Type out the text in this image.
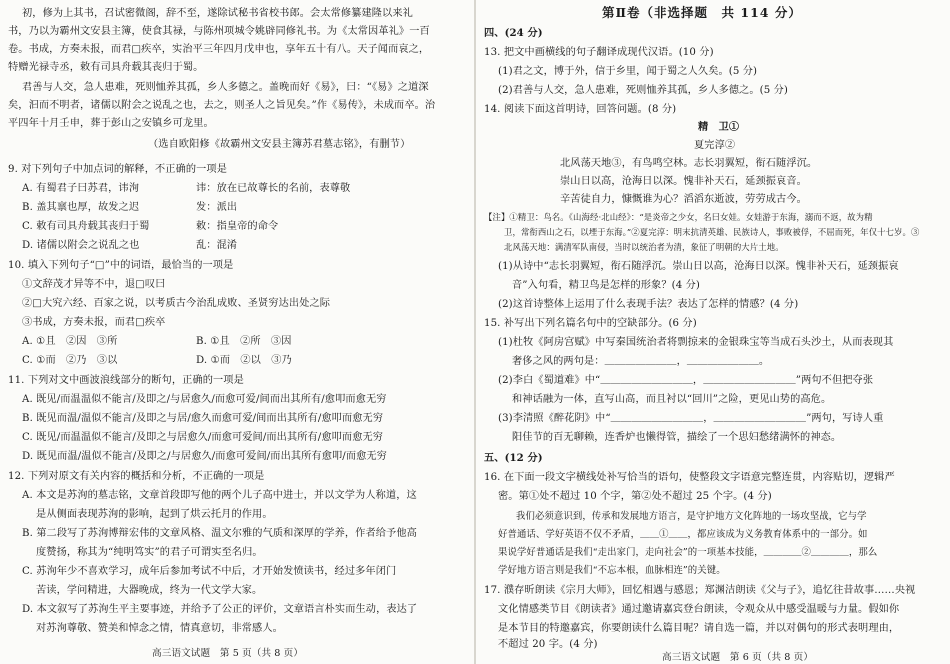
初，修为上其书，召试密微阁，辞不至，遂除试秘书省校书郎。会太常修纂建隆以来礼
书，乃以为霸州文安县主簿，使食其禄，与陈州项城令姚辟同修礼书。为《太常因革礼》一百
卷。书成，方奏未报，而君□疾卒，实治平三年四月戊申也，享年五十有八。天子闻而哀之，
特赠光禄寺丞，敕有司具舟载其丧归于蜀。
君善与人交，急人患难，死则恤养其孤，乡人多德之。盖晚而好《易》，曰：“《易》之道深
矣，汩而不明者，诸儒以附会之说乱之也，去之，则圣人之旨见矣。”作《易传》，未成而卒。治
平四年十月壬申，葬于彭山之安镇乡可龙里。
（选自欧阳修《故霸州文安县主簿苏君墓志铭》，有删节）
9. 对下列句子中加点词的解释，不正确的一项是
A. 有蜀君子曰苏君，讳洵	讳：放在已故尊长的名前，表尊敬
B. 盖其禀也厚，故发之迟	发：派出
C. 敕有司具舟载其丧归于蜀	敕：指皇帝的命令
D. 诸儒以附会之说乱之也	乱：混淆
10. 填入下列句子“□”中的词语，最恰当的一项是
①文辞茂才异等不中，退□叹曰
②□大究六经、百家之说，以考质古今治乱成败、圣贤穷达出处之际
③书成，方奏未报，而君□疾卒
A. ①且　②因　③所	B. ①且　②所　③因
C. ①而　②乃　③以	D. ①而　②以　③乃
11. 下列对文中画波浪线部分的断句，正确的一项是
A. 既见/而温温似不能言/及即之/与居愈久/而愈可爱/间而出其所有/愈叩而愈无穷
B. 既见而温/温似不能言/及即之与居/愈久而愈可爱/间而出其所有/愈叩而愈无穷
C. 既见/而温温似不能言/及即之与居愈久/而愈可爱间/而出其所有/愈叩而愈无穷
D. 既见而温/温似不能言/及即之/与居愈久/而愈可爱间/而出其所有愈叩/而愈无穷
12. 下列对原文有关内容的概括和分析，不正确的一项是
A. 本文是苏洵的墓志铭，文章首段即写他的两个儿子高中进士，并以文学为人称道，这
是从侧面表现苏洵的影响，起到了烘云托月的作用。
B. 第二段写了苏洵博辩宏伟的文章风格、温文尔雅的气质和深厚的学养，作者给予他高
度赞扬，称其为“纯明笃实”的君子可谓实至名归。
C. 苏洵年少不喜欢学习，成年后参加考试不中后，才开始发愤读书，经过多年闭门
苦读，学问精进，大器晚成，终为一代文学大家。
D. 本文叙写了苏洵生平主要事迹，并给予了公正的评价，文章语言朴实而生动，表达了
对苏洵尊敬、赞美和悼念之情，情真意切，非常感人。
高三语文试题　第 5 页（共 8 页）
第Ⅱ卷（非选择题　共 114 分）
四、(24 分)
13. 把文中画横线的句子翻译成现代汉语。(10 分)
(1)君之文，博于外，信于乡里，闻于蜀之人久矣。(5 分)
(2)君善与人交，急人患难，死则恤养其孤，乡人多德之。(5 分)
14. 阅读下面这首明诗，回答问题。(8 分)
精　卫①
夏完淳②
北风荡天地③，有鸟鸣空林。志长羽翼短，衔石随浮沉。
崇山日以高，沧海日以深。愧非补天石，延颈振哀音。
辛苦徒自力，慷慨谁为心？滔滔东逝波，劳劳成古今。
【注】①精卫：鸟名。《山海经·北山经》：“是炎帝之少女，名曰女娃。女娃游于东海，溺而不返，故为精
卫，常衔西山之石，以堙于东海。”②夏完淳：明末抗清英雄、民族诗人，事败被俘，不屈而死，年仅十七岁。③
北风荡天地：满清军队南侵，当时以统治者为清，象征了明朝的大片土地。
(1)从诗中“志长羽翼短，衔石随浮沉。崇山日以高，沧海日以深。愧非补天石，延颈振哀
音”入句看，精卫鸟是怎样的形象？(4 分)
(2)这首诗整体上运用了什么表现手法？表达了怎样的情感？(4 分)
15. 补写出下列名篇名句中的空缺部分。(6 分)
(1)杜牧《阿房宫赋》中写秦国统治者将剽掠来的金银珠宝等当成石头沙土，从而表现其
奢侈之风的两句是：＿＿＿＿＿＿＿，＿＿＿＿＿＿＿。
(2)李白《蜀道难》中“＿＿＿＿＿＿＿＿＿，＿＿＿＿＿＿＿＿＿”两句不但把夺张
和神话融为一体，直写山高，而且衬以“回川”之险，更见山势的高危。
(3)李清照《醉花阴》中“＿＿＿＿＿＿＿＿＿，＿＿＿＿＿＿＿＿＿”两句，写诗人重
阳佳节的百无聊赖，连香炉也懒得管，描绘了一个思妇愁绪满怀的神态。
五、(12 分)
16. 在下面一段文字横线处补写恰当的语句，使整段文字语意完整连贯，内容贴切，逻辑严
密。第①处不超过 10 个字，第②处不超过 25 个字。(4 分)
我们必须意识到，传承和发展地方语言，是守护地方文化阵地的一场攻坚战，它与学
好普通话、学好英语不仅不矛盾，＿＿①＿＿，都应该成为义务教育体系中的一部分。如
果说学好普通话是我们“走出家门，走向社会”的一项基本技能，＿＿＿＿②＿＿＿＿，那么
学好地方语言则是我们“不忘本根，血脉相连”的关键。
17. 濮存昕朗读《宗月大师》，回忆相遇与感恩；郑渊洁朗读《父与子》，追忆往昔故事……央视
文化情感类节目《朗读者》通过邀请嘉宾登台朗读，令观众从中感受温暖与力量。假如你
是本节目的特邀嘉宾，你要朗读什么篇目呢？请自选一篇，并以对偶句的形式表明理由，
不超过 20 字。(4 分)
高三语文试题　第 6 页（共 8 页）
